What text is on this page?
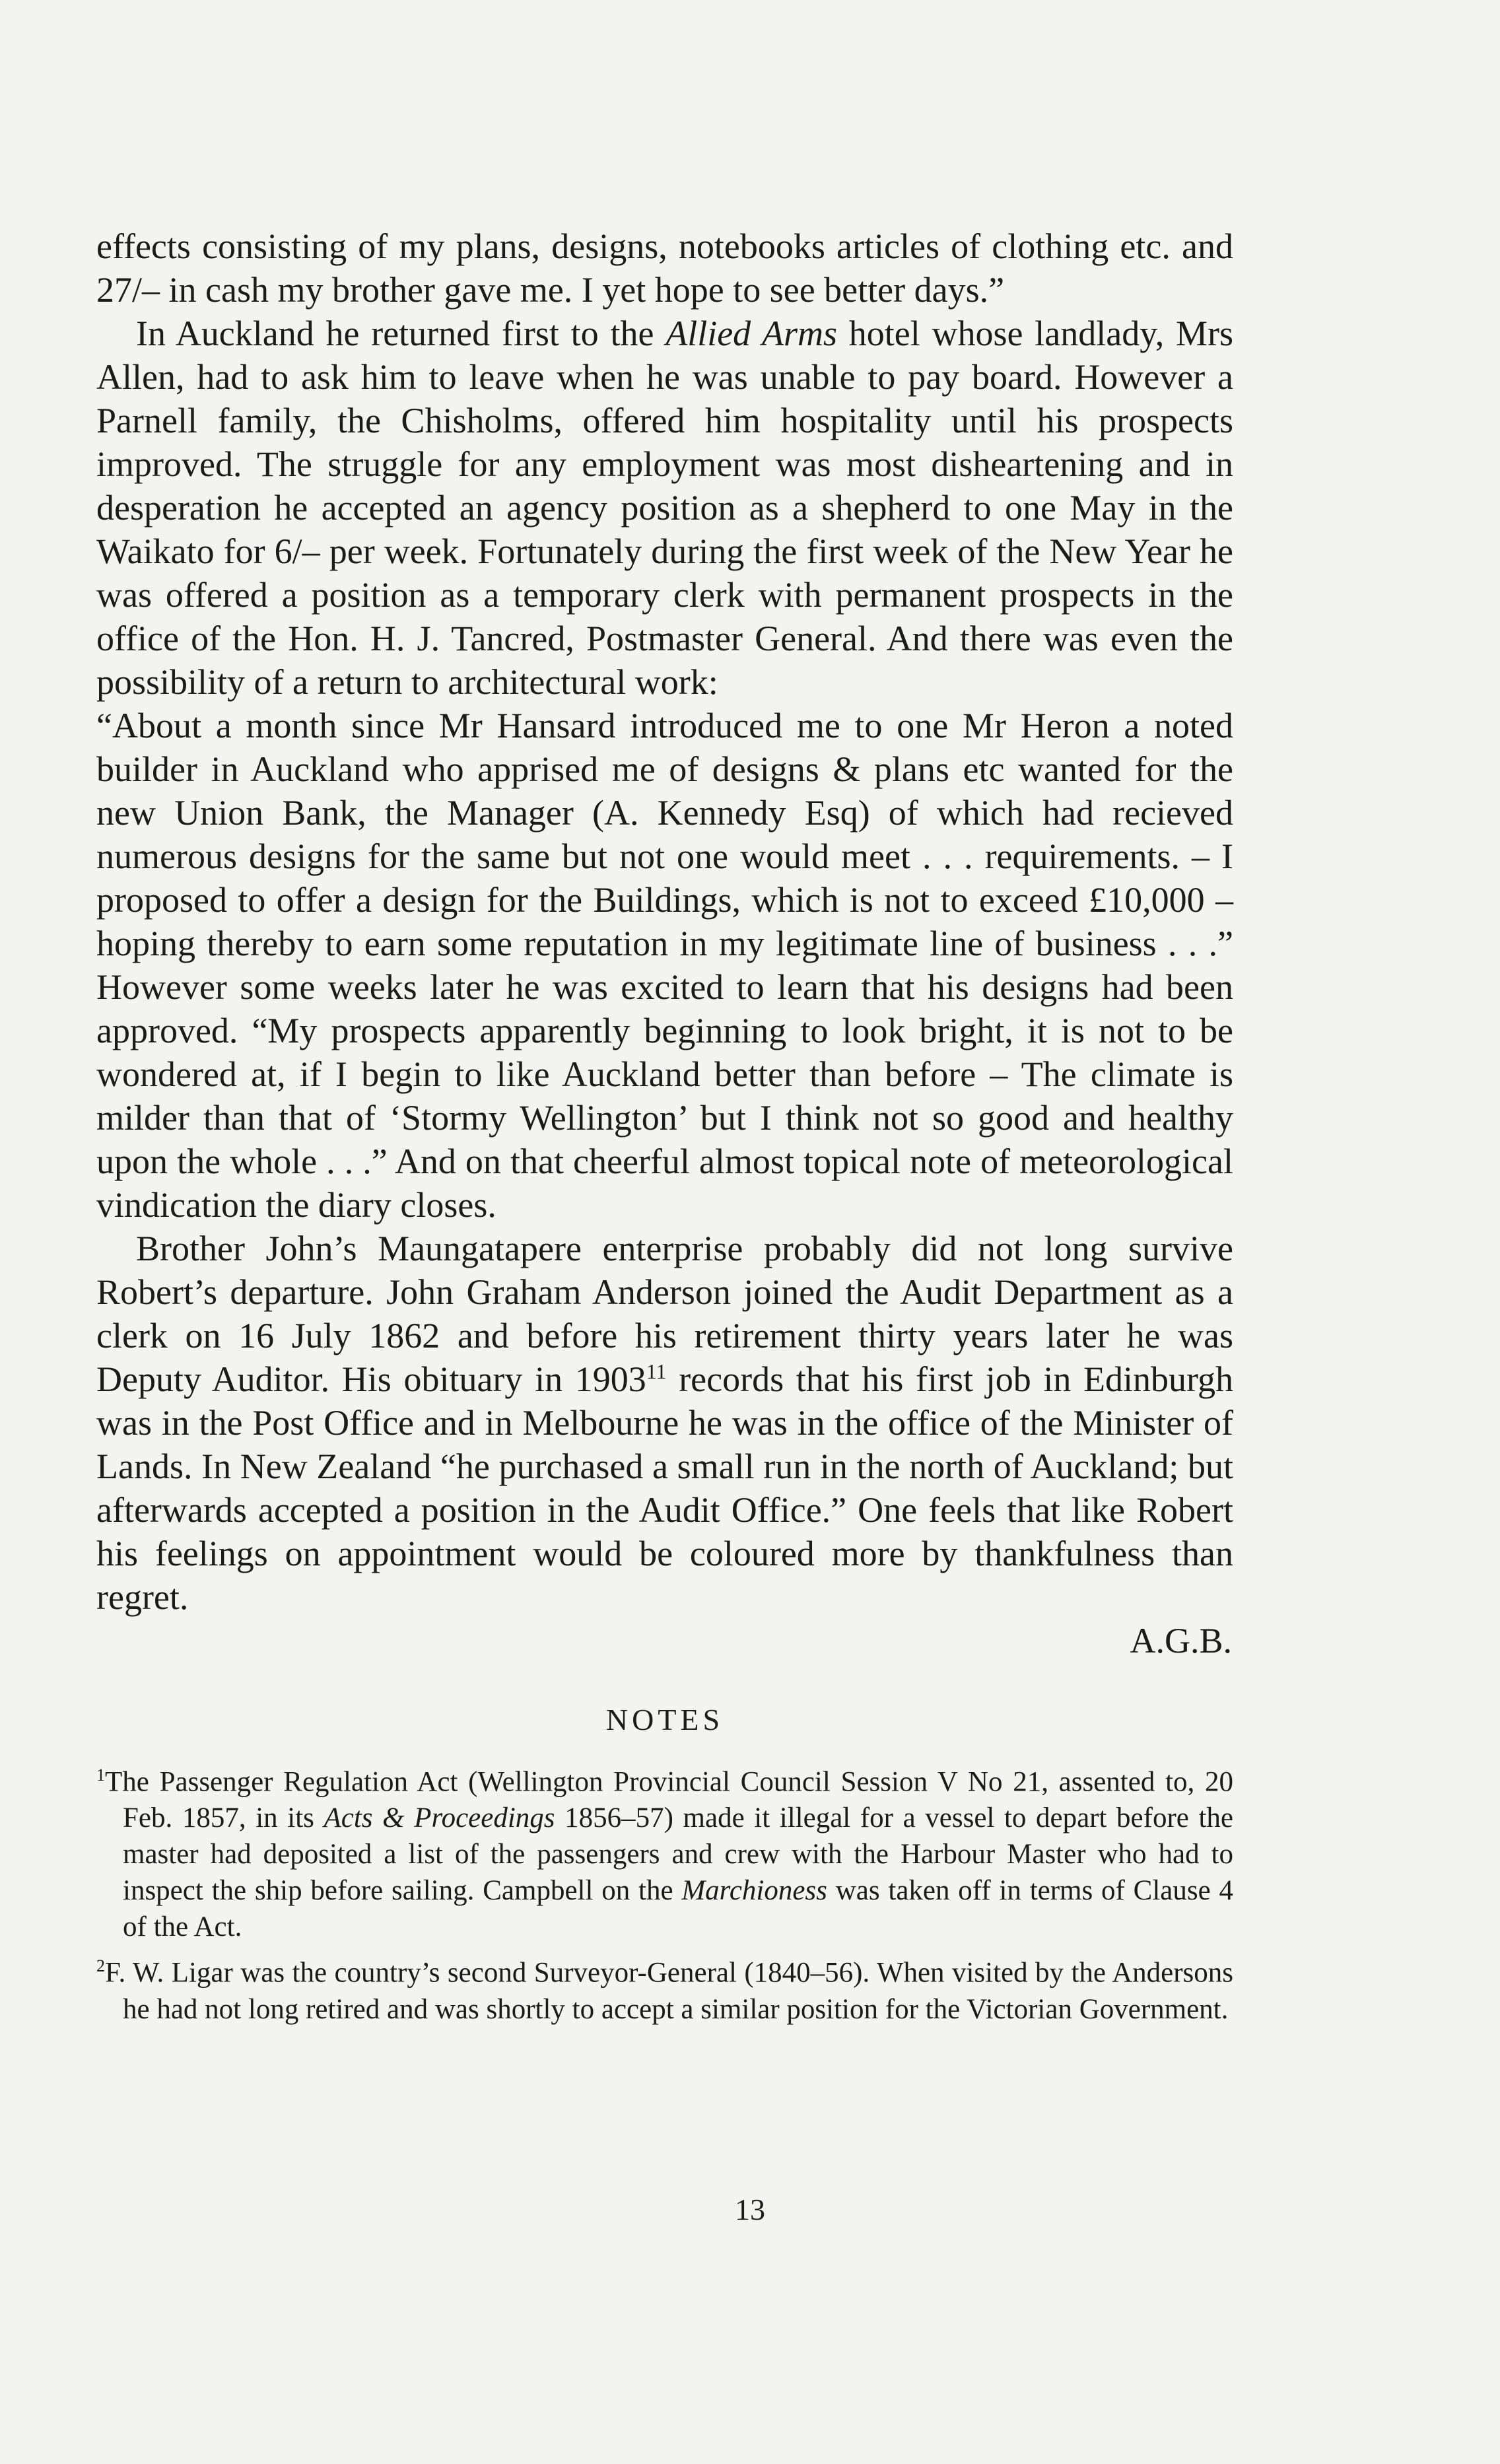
effects consisting of my plans, designs, notebooks articles of clothing etc. and 27/– in cash my brother gave me. I yet hope to see better days.”

In Auckland he returned first to the Allied Arms hotel whose landlady, Mrs Allen, had to ask him to leave when he was unable to pay board. However a Parnell family, the Chisholms, offered him hospitality until his prospects improved. The struggle for any employment was most disheartening and in desperation he accepted an agency position as a shepherd to one May in the Waikato for 6/– per week. Fortunately during the first week of the New Year he was offered a position as a temporary clerk with permanent prospects in the office of the Hon. H. J. Tancred, Postmaster General. And there was even the possibility of a return to architectural work:

“About a month since Mr Hansard introduced me to one Mr Heron a noted builder in Auckland who apprised me of designs & plans etc wanted for the new Union Bank, the Manager (A. Kennedy Esq) of which had recieved numerous designs for the same but not one would meet . . . requirements. – I proposed to offer a design for the Buildings, which is not to exceed £10,000 – hoping thereby to earn some reputation in my legitimate line of business . . .” However some weeks later he was excited to learn that his designs had been approved. “My prospects apparently beginning to look bright, it is not to be wondered at, if I begin to like Auckland better than before – The climate is milder than that of ‘Stormy Wellington’ but I think not so good and healthy upon the whole . . .” And on that cheerful almost topical note of meteorological vindication the diary closes.

Brother John’s Maungatapere enterprise probably did not long survive Robert’s departure. John Graham Anderson joined the Audit Department as a clerk on 16 July 1862 and before his retirement thirty years later he was Deputy Auditor. His obituary in 1903$^{11}$ records that his first job in Edinburgh was in the Post Office and in Melbourne he was in the office of the Minister of Lands. In New Zealand “he purchased a small run in the north of Auckland; but afterwards accepted a position in the Audit Office.” One feels that like Robert his feelings on appointment would be coloured more by thankfulness than regret.

A.G.B.

NOTES

$^1$The Passenger Regulation Act (Wellington Provincial Council Session V No 21, assented to, 20 Feb. 1857, in its Acts & Proceedings 1856–57) made it illegal for a vessel to depart before the master had deposited a list of the passengers and crew with the Harbour Master who had to inspect the ship before sailing. Campbell on the Marchioness was taken off in terms of Clause 4 of the Act.

$^2$F. W. Ligar was the country’s second Surveyor-General (1840–56). When visited by the Andersons he had not long retired and was shortly to accept a similar position for the Victorian Government.

13
